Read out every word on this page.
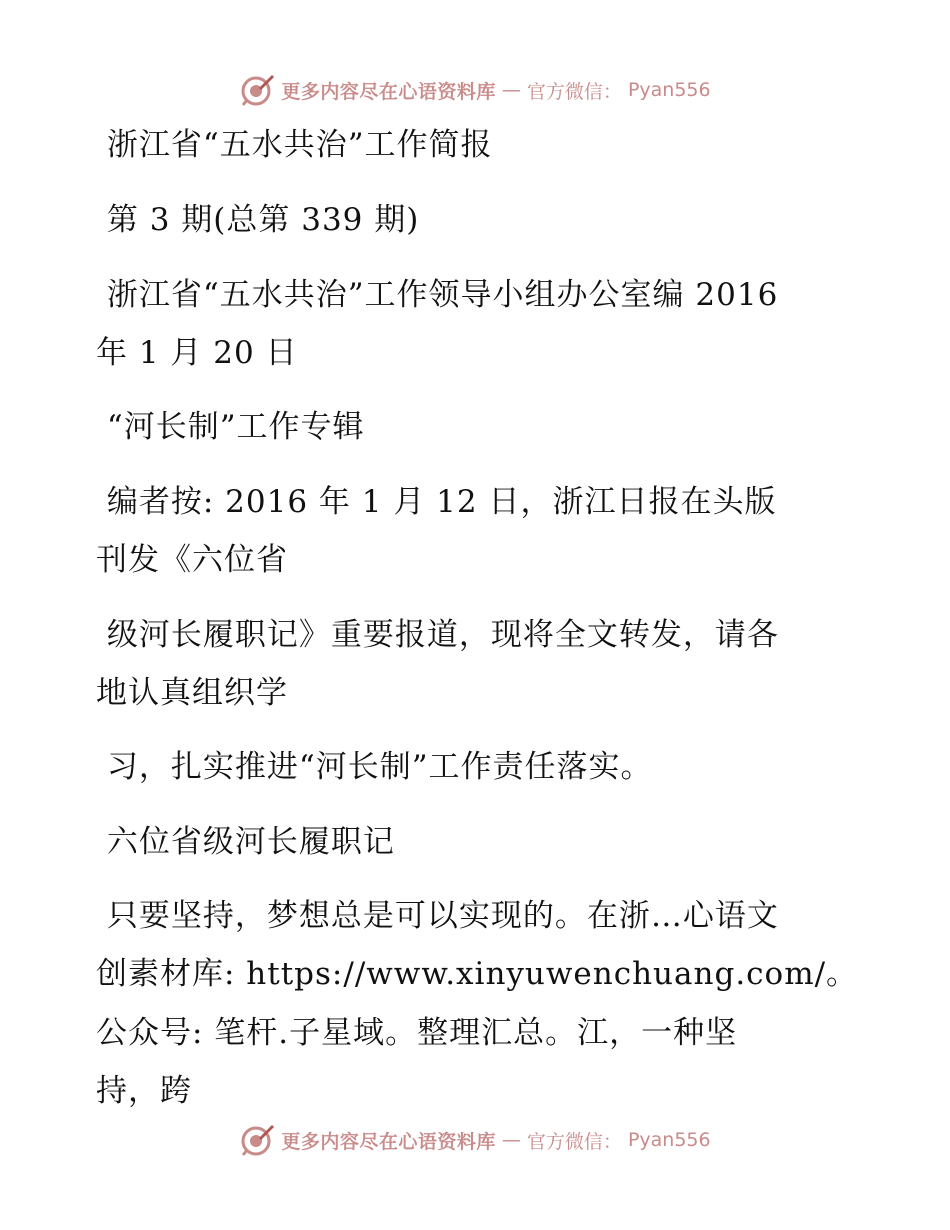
更多内容尽在心语资料库 — 官方微信： Pyan556

浙江省“五水共治”工作简报

第 3 期(总第 339 期)

浙江省“五水共治”工作领导小组办公室编 2016

年 1 月 20 日

“河长制”工作专辑

编者按: 2016 年 1 月 12 日，浙江日报在头版

刊发《六位省

级河长履职记》重要报道，现将全文转发，请各

地认真组织学

习，扎实推进“河长制”工作责任落实。

六位省级河长履职记

只要坚持，梦想总是可以实现的。在浙…心语文

创素材库: https://www.xinyuwenchuang.com/。

公众号: 笔杆.子星域。整理汇总。江，一种坚

持，跨

更多内容尽在心语资料库 — 官方微信： Pyan556
